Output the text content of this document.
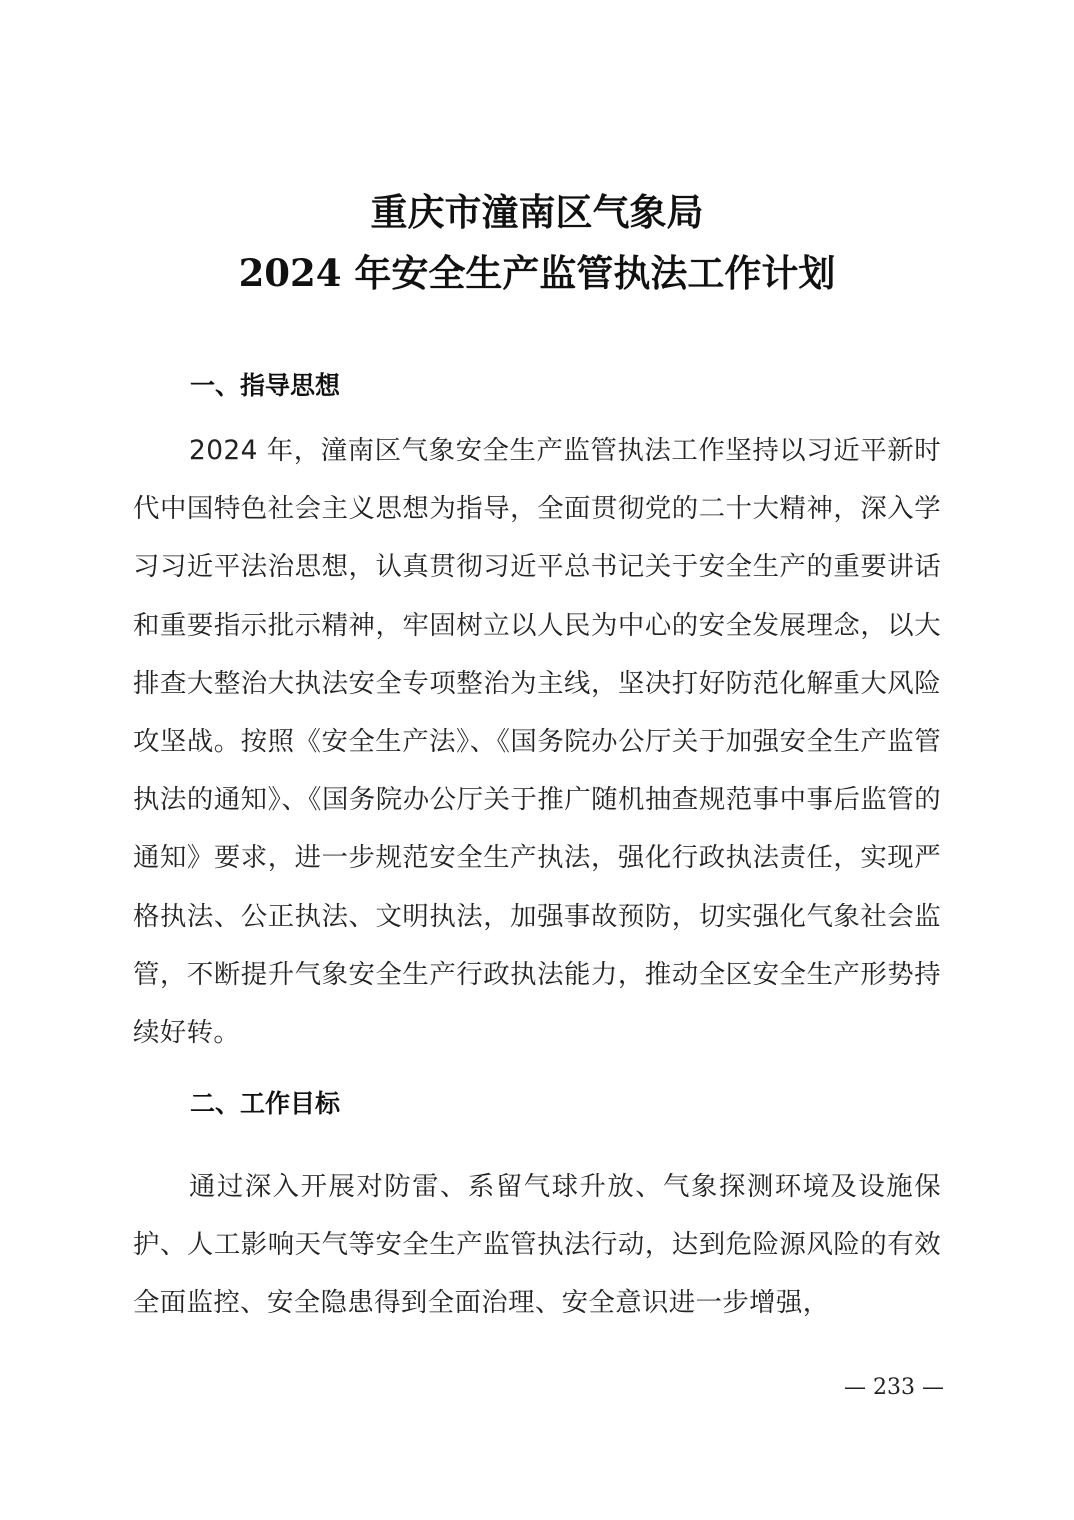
重庆市潼南区气象局
2024 年安全生产监管执法工作计划
一、指导思想

2024 年，潼南区气象安全生产监管执法工作坚持以习近平新时代中国特色社会主义思想为指导，全面贯彻党的二十大精神，深入学习习近平法治思想，认真贯彻习近平总书记关于安全生产的重要讲话和重要指示批示精神，牢固树立以人民为中心的安全发展理念，以大排查大整治大执法安全专项整治为主线，坚决打好防范化解重大风险攻坚战。按照《安全生产法》、《国务院办公厅关于加强安全生产监管执法的通知》、《国务院办公厅关于推广随机抽查规范事中事后监管的通知》要求，进一步规范安全生产执法，强化行政执法责任，实现严格执法、公正执法、文明执法，加强事故预防，切实强化气象社会监管，不断提升气象安全生产行政执法能力，推动全区安全生产形势持续好转。

二、工作目标

通过深入开展对防雷、系留气球升放、气象探测环境及设施保护、人工影响天气等安全生产监管执法行动，达到危险源风险的有效全面监控、安全隐患得到全面治理、安全意识进一步增强，

— 233 —
